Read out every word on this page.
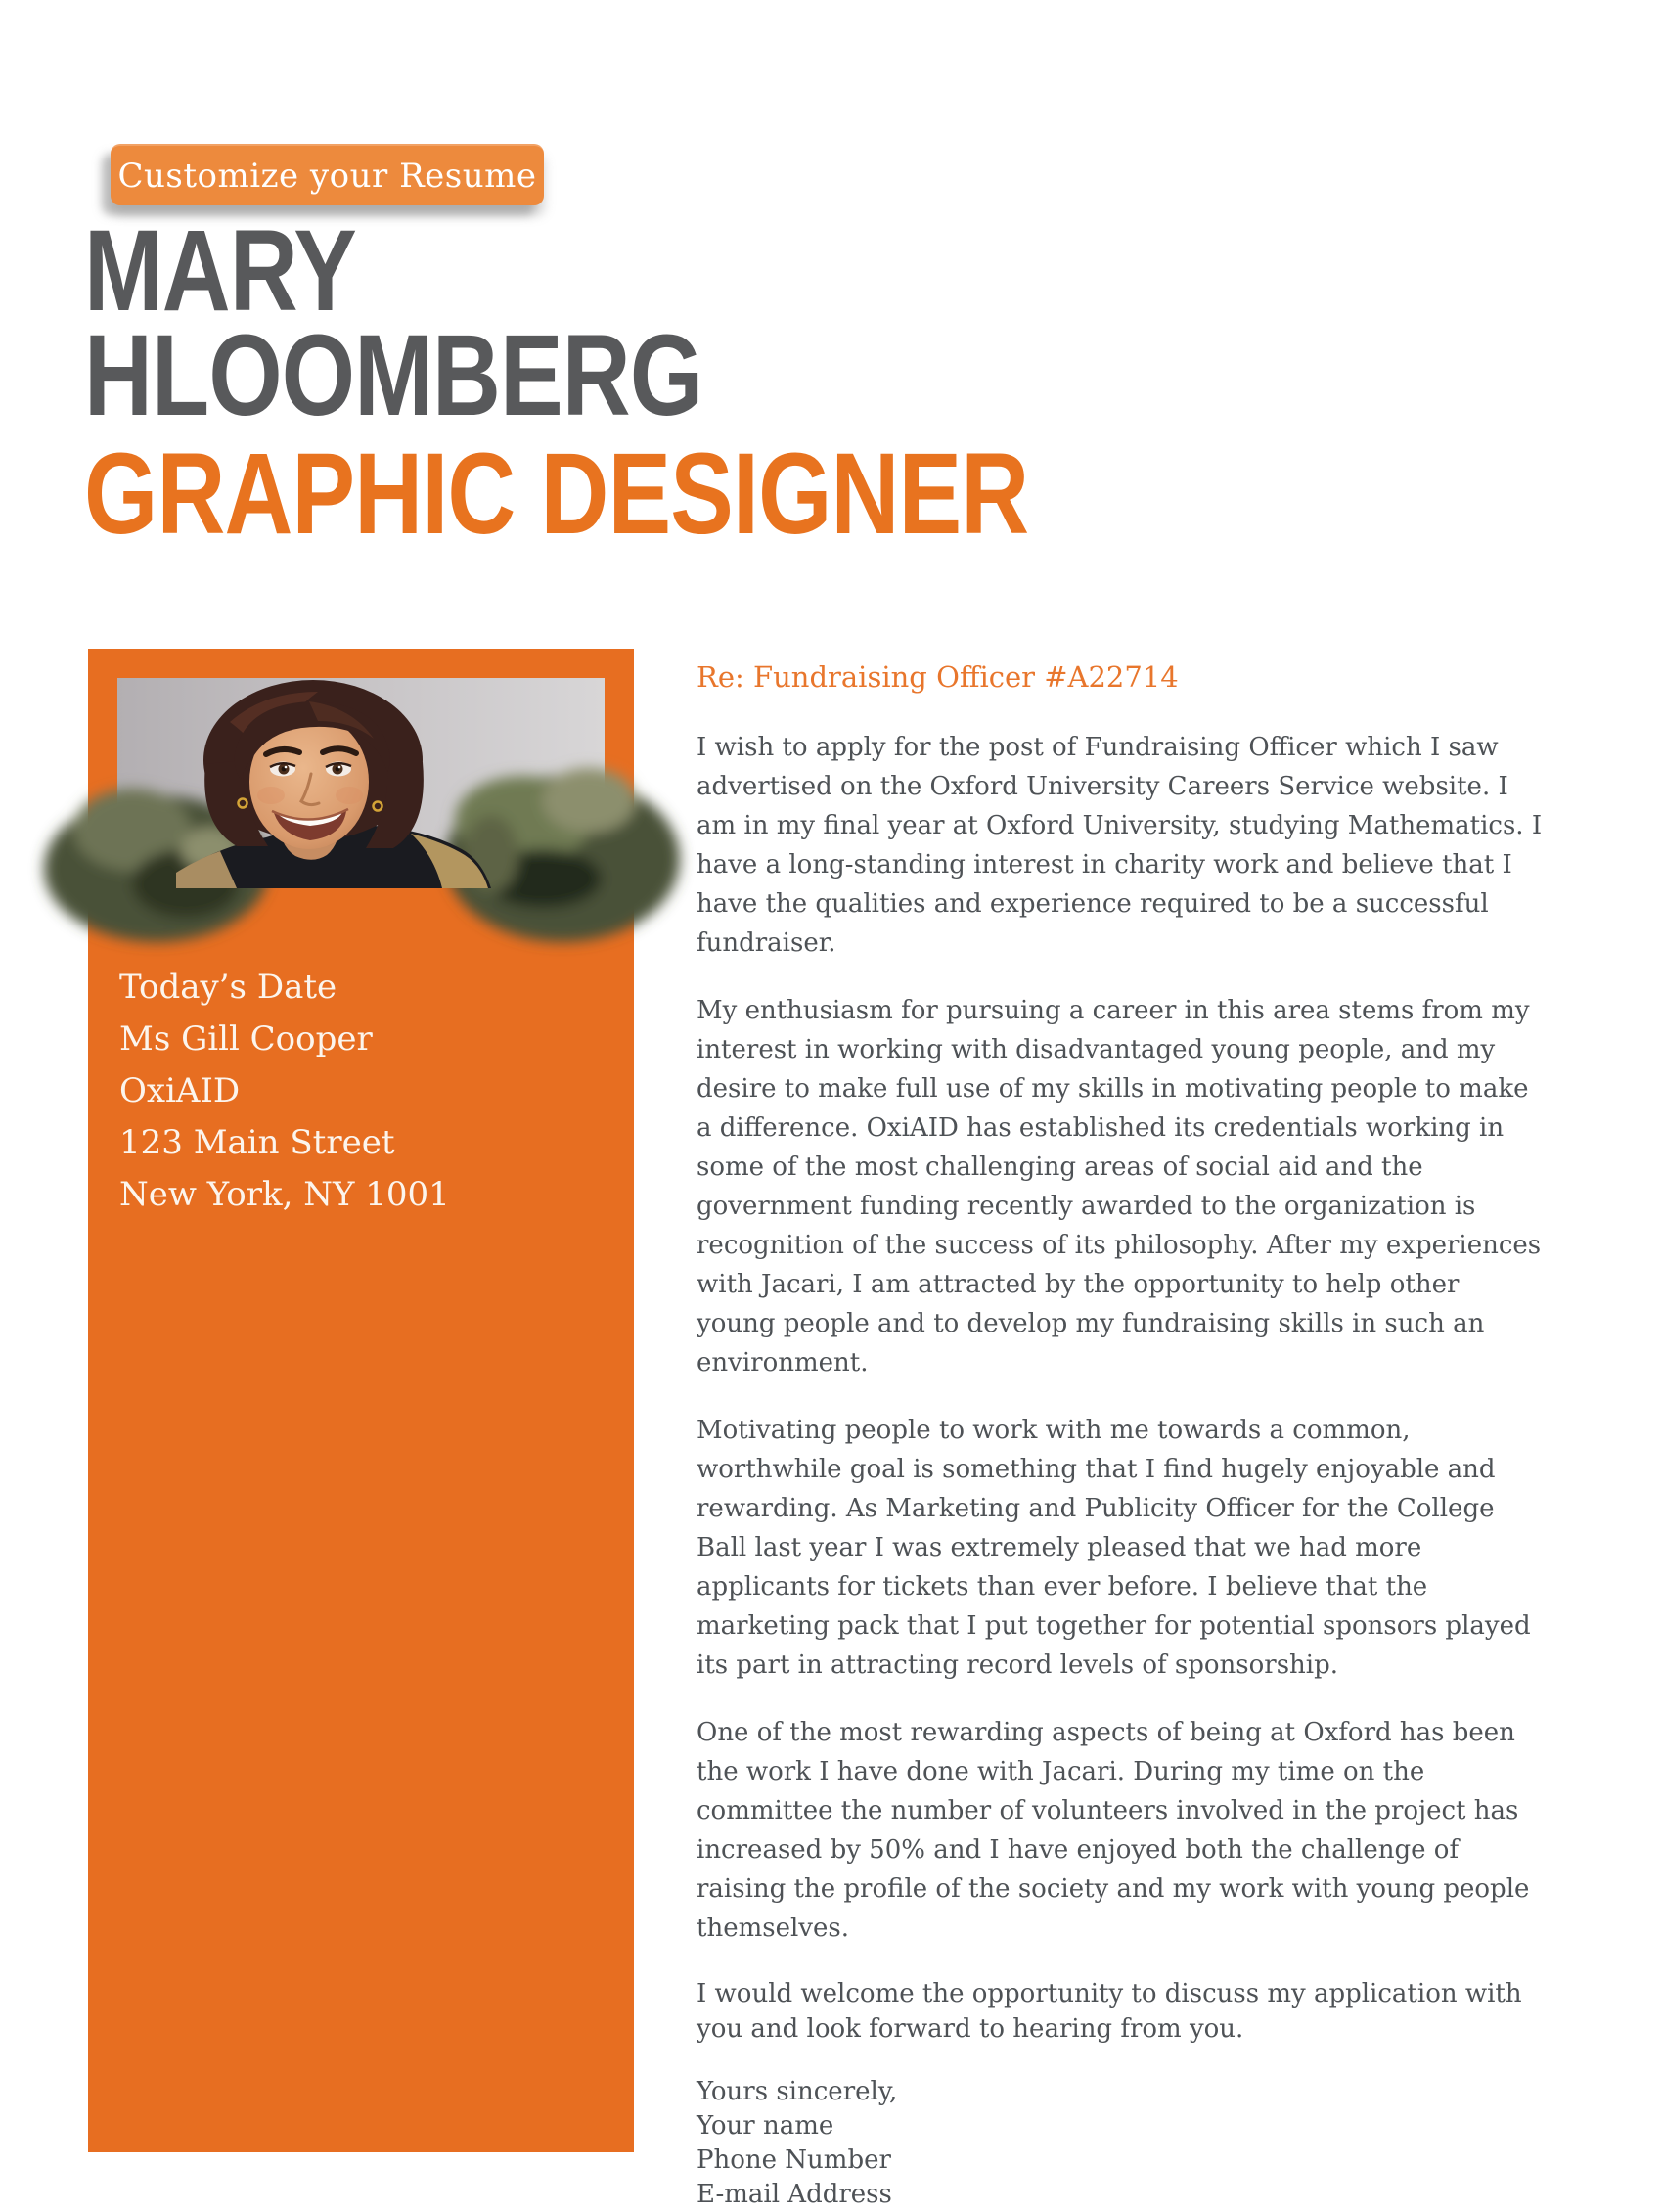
Customize your Resume
MARY
HLOOMBERG
GRAPHIC DESIGNER
Today’s Date
Ms Gill Cooper
OxiAID
123 Main Street
New York, NY 1001

Re: Fundraising Officer #A22714

I wish to apply for the post of Fundraising Officer which I saw advertised on the Oxford University Careers Service website. I am in my final year at Oxford University, studying Mathematics. I have a long-standing interest in charity work and believe that I have the qualities and experience required to be a successful fundraiser.

My enthusiasm for pursuing a career in this area stems from my interest in working with disadvantaged young people, and my desire to make full use of my skills in motivating people to make a difference. OxiAID has established its credentials working in some of the most challenging areas of social aid and the government funding recently awarded to the organization is recognition of the success of its philosophy. After my experiences with Jacari, I am attracted by the opportunity to help other young people and to develop my fundraising skills in such an environment.

Motivating people to work with me towards a common, worthwhile goal is something that I find hugely enjoyable and rewarding. As Marketing and Publicity Officer for the College Ball last year I was extremely pleased that we had more applicants for tickets than ever before. I believe that the marketing pack that I put together for potential sponsors played its part in attracting record levels of sponsorship.

One of the most rewarding aspects of being at Oxford has been the work I have done with Jacari. During my time on the committee the number of volunteers involved in the project has increased by 50% and I have enjoyed both the challenge of raising the profile of the society and my work with young people themselves.

I would welcome the opportunity to discuss my application with you and look forward to hearing from you.

Yours sincerely,
Your name
Phone Number
E-mail Address
